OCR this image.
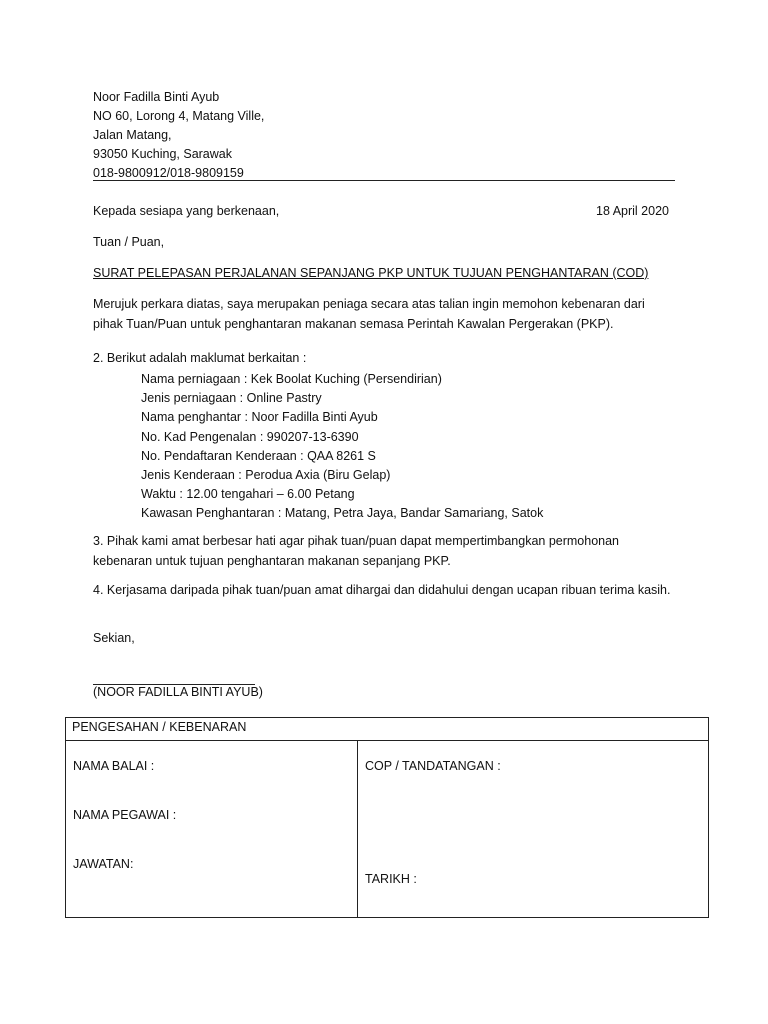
Noor Fadilla Binti Ayub
NO 60, Lorong 4, Matang Ville,
Jalan Matang,
93050 Kuching, Sarawak
018-9800912/018-9809159
Kepada sesiapa yang berkenaan,	18 April 2020
Tuan / Puan,
SURAT PELEPASAN PERJALANAN SEPANJANG PKP UNTUK TUJUAN PENGHANTARAN (COD)
Merujuk perkara diatas, saya merupakan peniaga secara atas talian ingin memohon kebenaran dari pihak Tuan/Puan untuk penghantaran makanan semasa Perintah Kawalan Pergerakan (PKP).
2. Berikut adalah maklumat berkaitan :
Nama perniagaan : Kek Boolat Kuching (Persendirian)
Jenis perniagaan : Online Pastry
Nama penghantar : Noor Fadilla Binti Ayub
No. Kad Pengenalan : 990207-13-6390
No. Pendaftaran Kenderaan : QAA 8261 S
Jenis Kenderaan : Perodua Axia (Biru Gelap)
Waktu : 12.00 tengahari – 6.00 Petang
Kawasan Penghantaran : Matang, Petra Jaya, Bandar Samariang, Satok
3. Pihak kami amat berbesar hati agar pihak tuan/puan dapat mempertimbangkan permohonan kebenaran untuk tujuan penghantaran makanan sepanjang PKP.
4. Kerjasama daripada pihak tuan/puan amat dihargai dan didahului dengan ucapan ribuan terima kasih.
Sekian,
(NOOR FADILLA BINTI AYUB)
PENGESAHAN / KEBENARAN

NAMA BALAI :
NAMA PEGAWAI :
JAWATAN:

COP / TANDATANGAN :
TARIKH :
